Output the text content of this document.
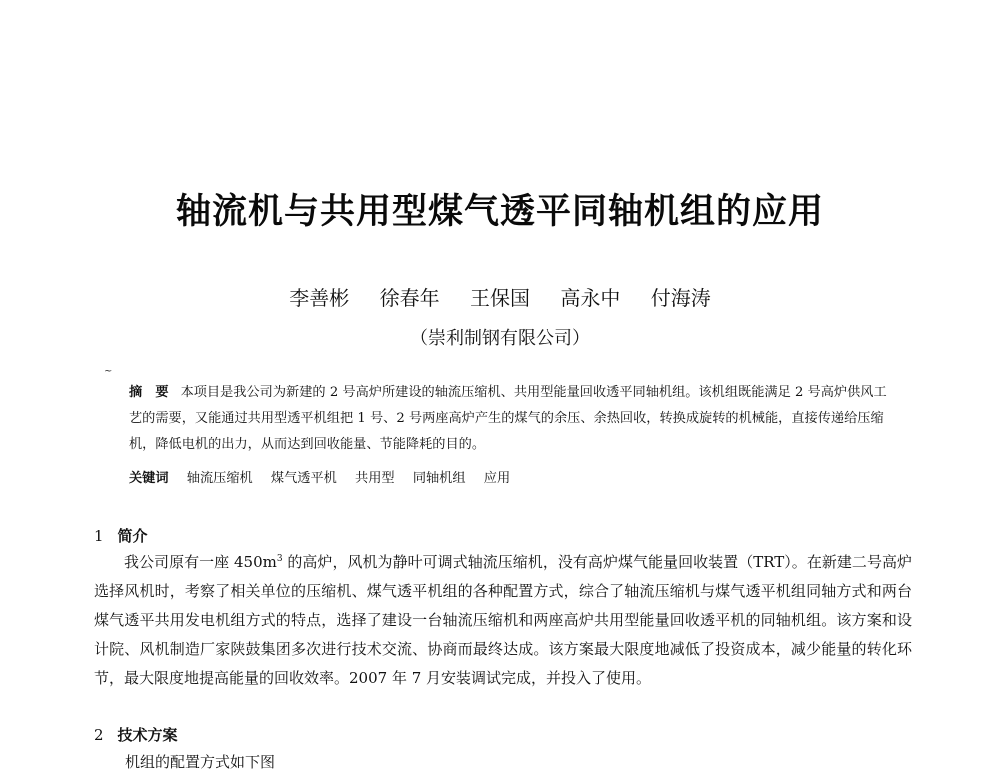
轴流机与共用型煤气透平同轴机组的应用
李善彬 徐春年 王保国 高永中 付海涛
（崇利制钢有限公司）
~
摘　要 本项目是我公司为新建的 2 号高炉所建设的轴流压缩机、共用型能量回收透平同轴机组。该机组既能满足 2 号高炉供风工艺的需要，又能通过共用型透平机组把 1 号、2 号两座高炉产生的煤气的余压、余热回收，转换成旋转的机械能，直接传递给压缩机，降低电机的出力，从而达到回收能量、节能降耗的目的。
关键词 轴流压缩机 煤气透平机 共用型 同轴机组 应用
1 简介

我公司原有一座 $450m^3$ 的高炉，风机为静叶可调式轴流压缩机，没有高炉煤气能量回收装置（TRT）。在新建二号高炉选择风机时，考察了相关单位的压缩机、煤气透平机组的各种配置方式，综合了轴流压缩机与煤气透平机组同轴方式和两台煤气透平共用发电机组方式的特点，选择了建设一台轴流压缩机和两座高炉共用型能量回收透平机的同轴机组。该方案和设计院、风机制造厂家陕鼓集团多次进行技术交流、协商而最终达成。该方案最大限度地减低了投资成本，减少能量的转化环节，最大限度地提高能量的回收效率。2007 年 7 月安装调试完成，并投入了使用。

2 技术方案
机组的配置方式如下图
